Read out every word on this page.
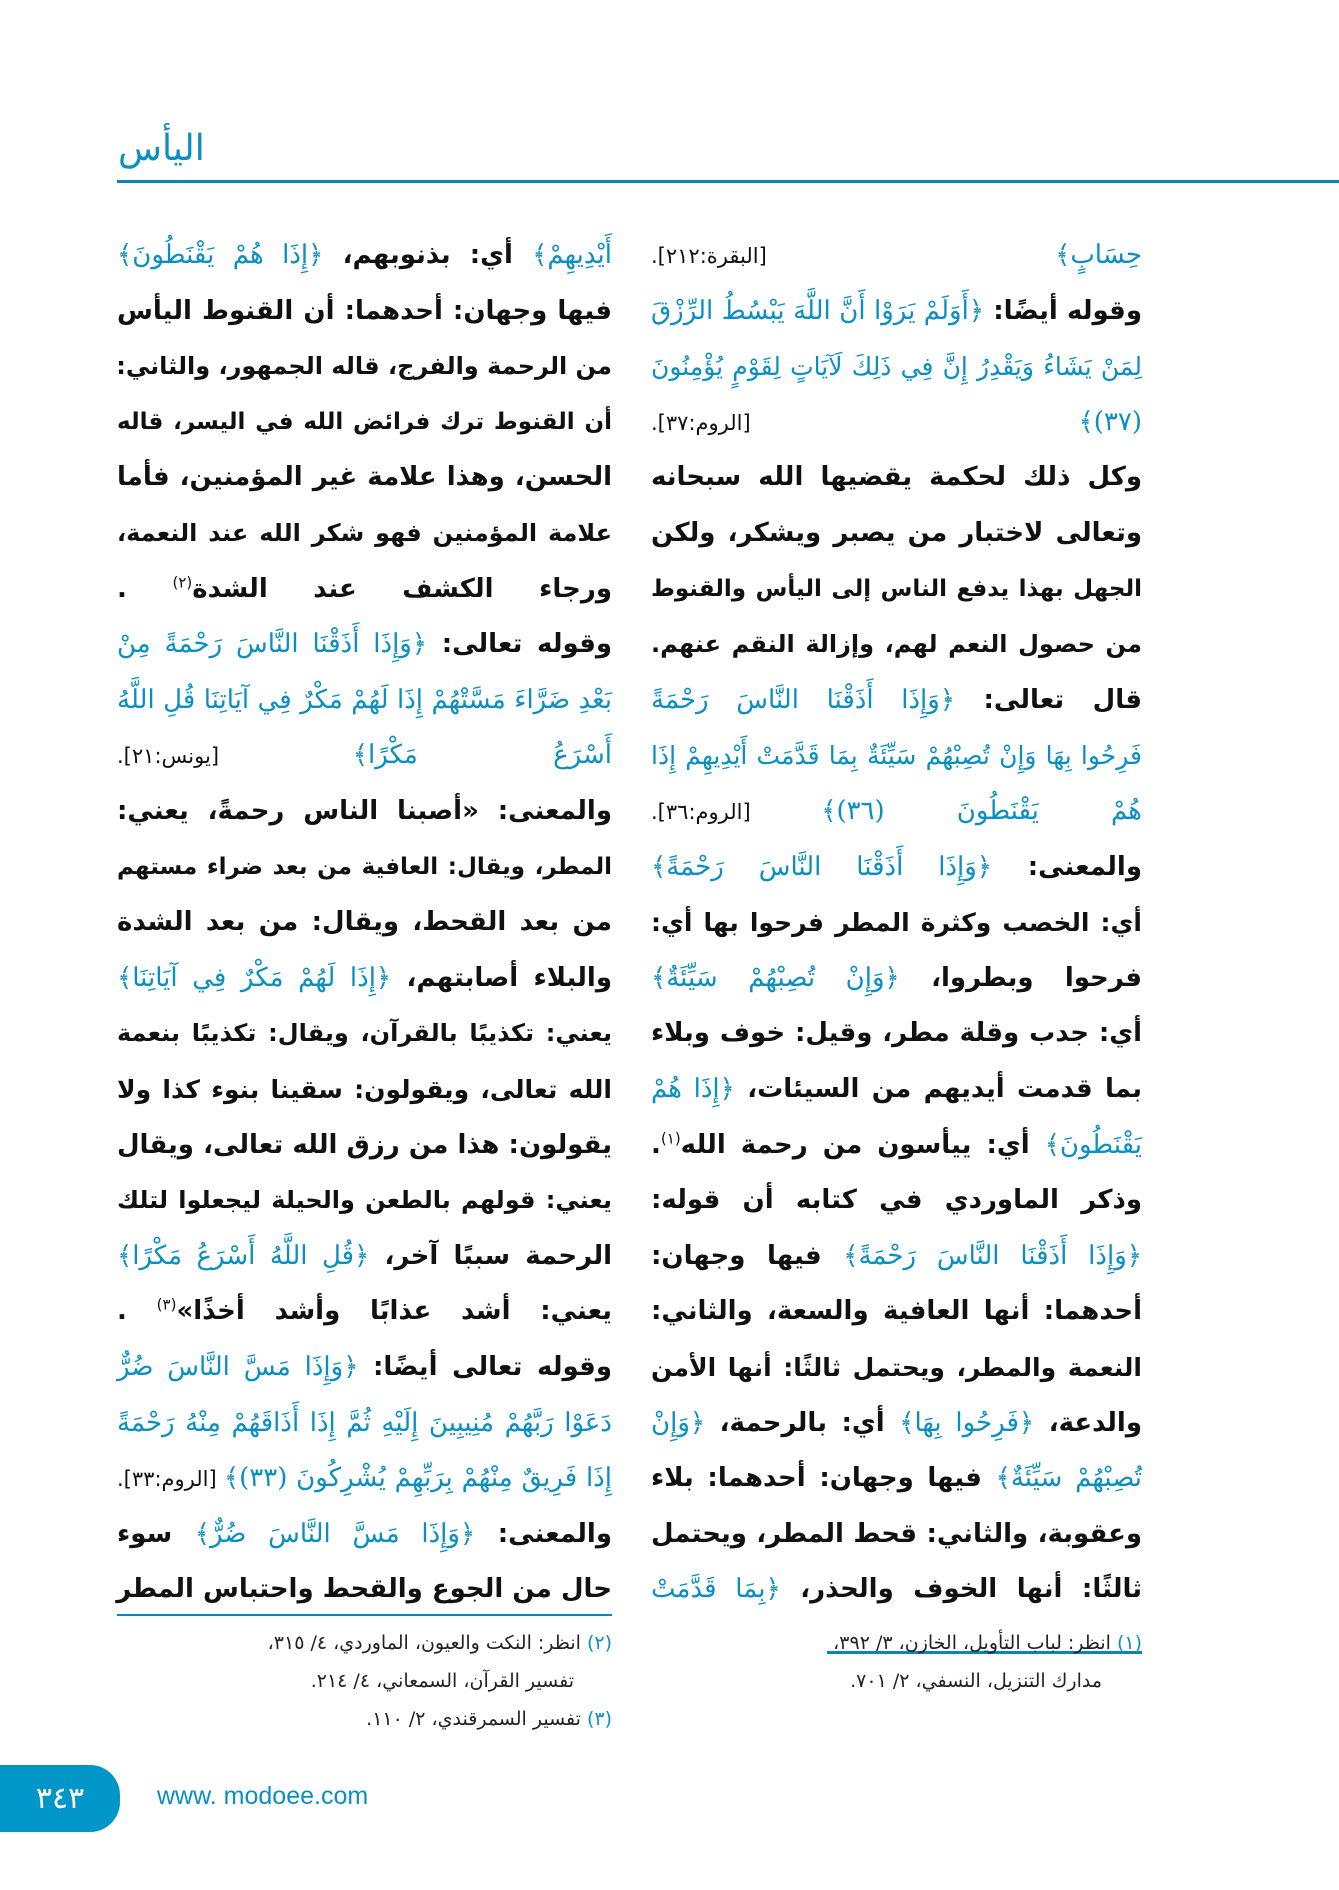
اليأس
حِسَابٍ﴾ [البقرة:٢١٢].
وقوله أيضًا: ﴿أَوَلَمْ يَرَوْا أَنَّ اللَّهَ يَبْسُطُ الرِّزْقَ
لِمَنْ يَشَاءُ وَيَقْدِرُ إِنَّ فِي ذَلِكَ لَآيَاتٍ لِقَوْمٍ يُؤْمِنُونَ
(٣٧)﴾ [الروم:٣٧].
وكل ذلك لحكمة يقضيها الله سبحانه
وتعالى لاختبار من يصبر ويشكر، ولكن
الجهل بهذا يدفع الناس إلى اليأس والقنوط
من حصول النعم لهم، وإزالة النقم عنهم.
قال تعالى: ﴿وَإِذَا أَذَقْنَا النَّاسَ رَحْمَةً
فَرِحُوا بِهَا وَإِنْ تُصِبْهُمْ سَيِّئَةٌ بِمَا قَدَّمَتْ أَيْدِيهِمْ إِذَا
هُمْ يَقْنَطُونَ (٣٦)﴾ [الروم:٣٦].
والمعنى: ﴿وَإِذَا أَذَقْنَا النَّاسَ رَحْمَةً﴾
أي: الخصب وكثرة المطر فرحوا بها أي:
فرحوا وبطروا، ﴿وَإِنْ تُصِبْهُمْ سَيِّئَةٌ﴾
أي: جدب وقلة مطر، وقيل: خوف وبلاء
بما قدمت أيديهم من السيئات، ﴿إِذَا هُمْ
يَقْنَطُونَ﴾ أي: ييأسون من رحمة الله$^{(١)}$.
وذكر الماوردي في كتابه أن قوله:
﴿وَإِذَا أَذَقْنَا النَّاسَ رَحْمَةً﴾ فيها وجهان:
أحدهما: أنها العافية والسعة، والثاني:
النعمة والمطر، ويحتمل ثالثًا: أنها الأمن
والدعة، ﴿فَرِحُوا بِهَا﴾ أي: بالرحمة، ﴿وَإِنْ
تُصِبْهُمْ سَيِّئَةٌ﴾ فيها وجهان: أحدهما: بلاء
وعقوبة، والثاني: قحط المطر، ويحتمل
ثالثًا: أنها الخوف والحذر، ﴿بِمَا قَدَّمَتْ
أَيْدِيهِمْ﴾ أي: بذنوبهم، ﴿إِذَا هُمْ يَقْنَطُونَ﴾
فيها وجهان: أحدهما: أن القنوط اليأس
من الرحمة والفرج، قاله الجمهور، والثاني:
أن القنوط ترك فرائض الله في اليسر، قاله
الحسن، وهذا علامة غير المؤمنين، فأما
علامة المؤمنين فهو شكر الله عند النعمة،
ورجاء الكشف عند الشدة$^{(٢)}$ .
وقوله تعالى: ﴿وَإِذَا أَذَقْنَا النَّاسَ رَحْمَةً مِنْ
بَعْدِ ضَرَّاءَ مَسَّتْهُمْ إِذَا لَهُمْ مَكْرٌ فِي آيَاتِنَا قُلِ اللَّهُ
أَسْرَعُ مَكْرًا﴾ [يونس:٢١].
والمعنى: «أصبنا الناس رحمةً، يعني:
المطر، ويقال: العافية من بعد ضراء مستهم
من بعد القحط، ويقال: من بعد الشدة
والبلاء أصابتهم، ﴿إِذَا لَهُمْ مَكْرٌ فِي آيَاتِنَا﴾
يعني: تكذيبًا بالقرآن، ويقال: تكذيبًا بنعمة
الله تعالى، ويقولون: سقينا بنوء كذا ولا
يقولون: هذا من رزق الله تعالى، ويقال
يعني: قولهم بالطعن والحيلة ليجعلوا لتلك
الرحمة سببًا آخر، ﴿قُلِ اللَّهُ أَسْرَعُ مَكْرًا﴾
يعني: أشد عذابًا وأشد أخذًا»$^{(٣)}$ .
وقوله تعالى أيضًا: ﴿وَإِذَا مَسَّ النَّاسَ ضُرٌّ
دَعَوْا رَبَّهُمْ مُنِيبِينَ إِلَيْهِ ثُمَّ إِذَا أَذَاقَهُمْ مِنْهُ رَحْمَةً
إِذَا فَرِيقٌ مِنْهُمْ بِرَبِّهِمْ يُشْرِكُونَ (٣٣)﴾ [الروم:٣٣].
والمعنى: ﴿وَإِذَا مَسَّ النَّاسَ ضُرٌّ﴾ سوء
حال من الجوع والقحط واحتباس المطر
(١)انظر: لباب التأويل، الخازن، ٣/ ٣٩٢،
مدارك التنزيل، النسفي، ٢/ ٧٠١.
(٢)انظر: النكت والعيون، الماوردي، ٤/ ٣١٥،
تفسير القرآن، السمعاني، ٤/ ٢١٤.
(٣)تفسير السمرقندي، ٢/ ١١٠.
٣٤٣	www. modoee.com
